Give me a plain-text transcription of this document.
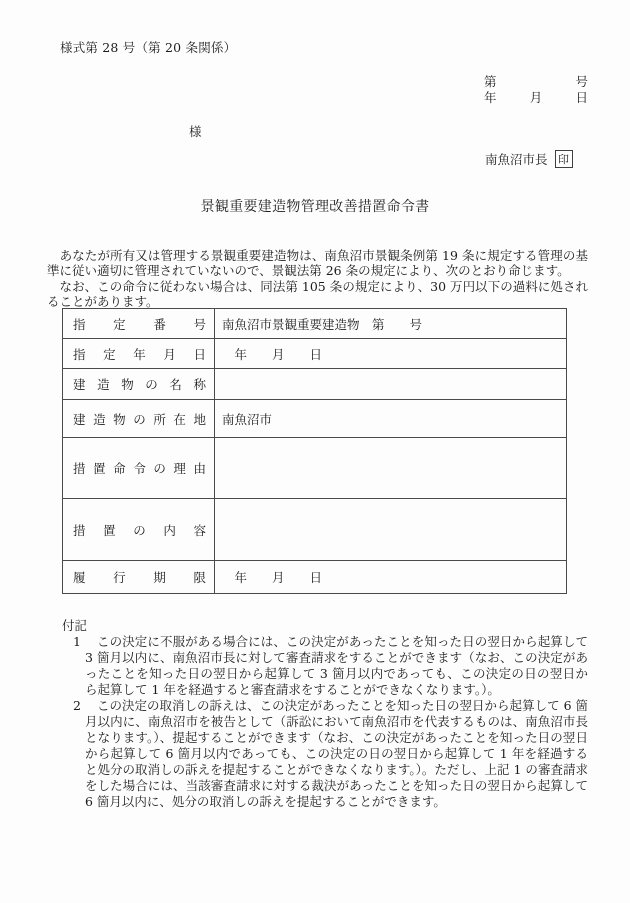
様式第 28 号（第 20 条関係）
第	号
年	月	日
様
南魚沼市長 印
景観重要建造物管理改善措置命令書

　あなたが所有又は管理する景観重要建造物は、南魚沼市景観条例第 19 条に規定する管理の基準に従い適切に管理されていないので、景観法第 26 条の規定により、次のとおり命じます。

　なお、この命令に従わない場合は、同法第 105 条の規定により、30 万円以下の過料に処されることがあります。

指定番号	南魚沼市景観重要建造物　第　　号
指定年月日	　年　　月　　日
建造物の名称	
建造物の所在地	南魚沼市
措置命令の理由	
措置の内容	
履行期限	　年　　月　　日

付記

1 この決定に不服がある場合には、この決定があったことを知った日の翌日から起算して 3 箇月以内に、南魚沼市長に対して審査請求をすることができます（なお、この決定があったことを知った日の翌日から起算して 3 箇月以内であっても、この決定の日の翌日から起算して 1 年を経過すると審査請求をすることができなくなります。）。
2 この決定の取消しの訴えは、この決定があったことを知った日の翌日から起算して 6 箇月以内に、南魚沼市を被告として（訴訟において南魚沼市を代表するものは、南魚沼市長となります。）、提起することができます（なお、この決定があったことを知った日の翌日から起算して 6 箇月以内であっても、この決定の日の翌日から起算して 1 年を経過すると処分の取消しの訴えを提起することができなくなります。）。ただし、上記 1 の審査請求をした場合には、当該審査請求に対する裁決があったことを知った日の翌日から起算して 6 箇月以内に、処分の取消しの訴えを提起することができます。
